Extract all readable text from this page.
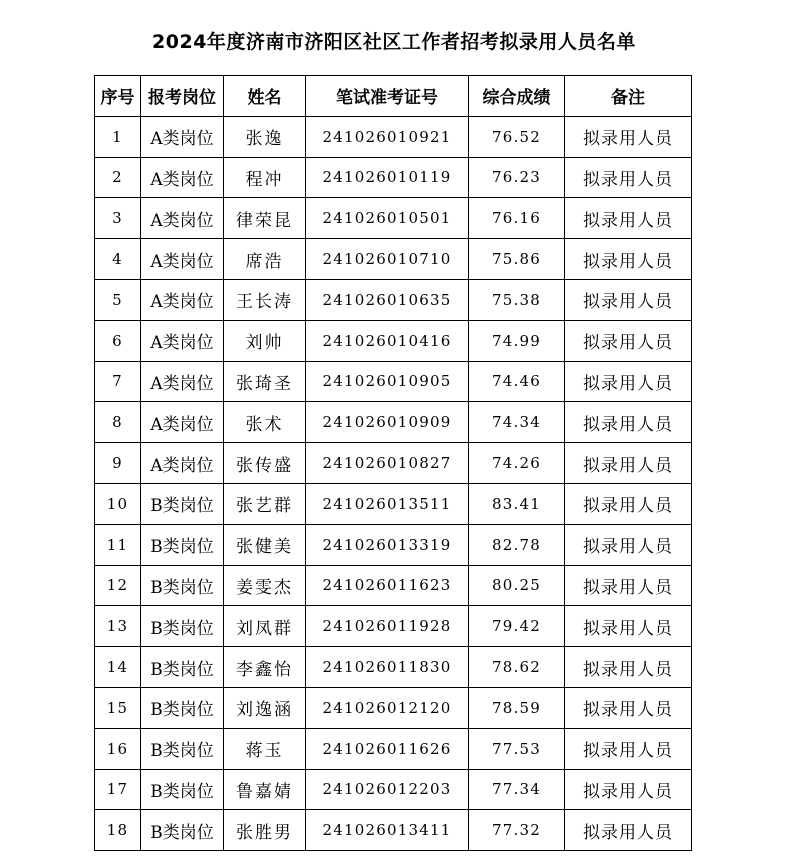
2024年度济南市济阳区社区工作者招考拟录用人员名单
序号	报考岗位	姓名	笔试准考证号	综合成绩	备注
1	A类岗位	张逸	241026010921	76.52	拟录用人员
2	A类岗位	程冲	241026010119	76.23	拟录用人员
3	A类岗位	律荣昆	241026010501	76.16	拟录用人员
4	A类岗位	席浩	241026010710	75.86	拟录用人员
5	A类岗位	王长涛	241026010635	75.38	拟录用人员
6	A类岗位	刘帅	241026010416	74.99	拟录用人员
7	A类岗位	张琦圣	241026010905	74.46	拟录用人员
8	A类岗位	张术	241026010909	74.34	拟录用人员
9	A类岗位	张传盛	241026010827	74.26	拟录用人员
10	B类岗位	张艺群	241026013511	83.41	拟录用人员
11	B类岗位	张健美	241026013319	82.78	拟录用人员
12	B类岗位	姜雯杰	241026011623	80.25	拟录用人员
13	B类岗位	刘凤群	241026011928	79.42	拟录用人员
14	B类岗位	李鑫怡	241026011830	78.62	拟录用人员
15	B类岗位	刘逸涵	241026012120	78.59	拟录用人员
16	B类岗位	蒋玉	241026011626	77.53	拟录用人员
17	B类岗位	鲁嘉婧	241026012203	77.34	拟录用人员
18	B类岗位	张胜男	241026013411	77.32	拟录用人员
